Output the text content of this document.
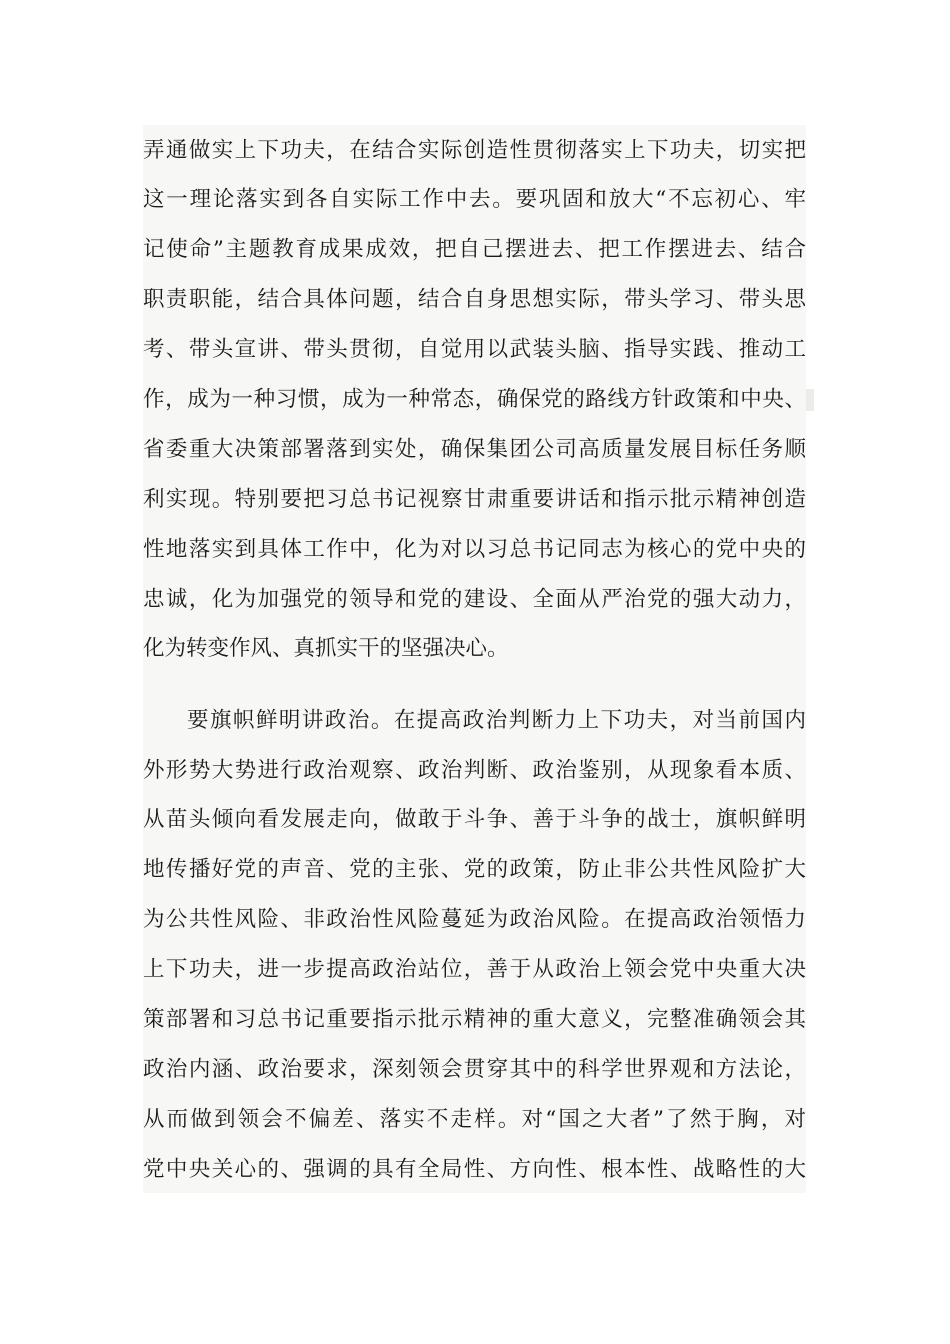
弄通做实上下功夫，在结合实际创造性贯彻落实上下功夫，切实把
这一理论落实到各自实际工作中去。要巩固和放大“不忘初心、牢
记使命”主题教育成果成效，把自己摆进去、把工作摆进去、结合
职责职能，结合具体问题，结合自身思想实际，带头学习、带头思
考、带头宣讲、带头贯彻，自觉用以武装头脑、指导实践、推动工
作，成为一种习惯，成为一种常态，确保党的路线方针政策和中央、
省委重大决策部署落到实处，确保集团公司高质量发展目标任务顺
利实现。特别要把习总书记视察甘肃重要讲话和指示批示精神创造
性地落实到具体工作中，化为对以习总书记同志为核心的党中央的
忠诚，化为加强党的领导和党的建设、全面从严治党的强大动力，
化为转变作风、真抓实干的坚强决心。
要旗帜鲜明讲政治。在提高政治判断力上下功夫，对当前国内
外形势大势进行政治观察、政治判断、政治鉴别，从现象看本质、
从苗头倾向看发展走向，做敢于斗争、善于斗争的战士，旗帜鲜明
地传播好党的声音、党的主张、党的政策，防止非公共性风险扩大
为公共性风险、非政治性风险蔓延为政治风险。在提高政治领悟力
上下功夫，进一步提高政治站位，善于从政治上领会党中央重大决
策部署和习总书记重要指示批示精神的重大意义，完整准确领会其
政治内涵、政治要求，深刻领会贯穿其中的科学世界观和方法论，
从而做到领会不偏差、落实不走样。对“国之大者”了然于胸，对
党中央关心的、强调的具有全局性、方向性、根本性、战略性的大
